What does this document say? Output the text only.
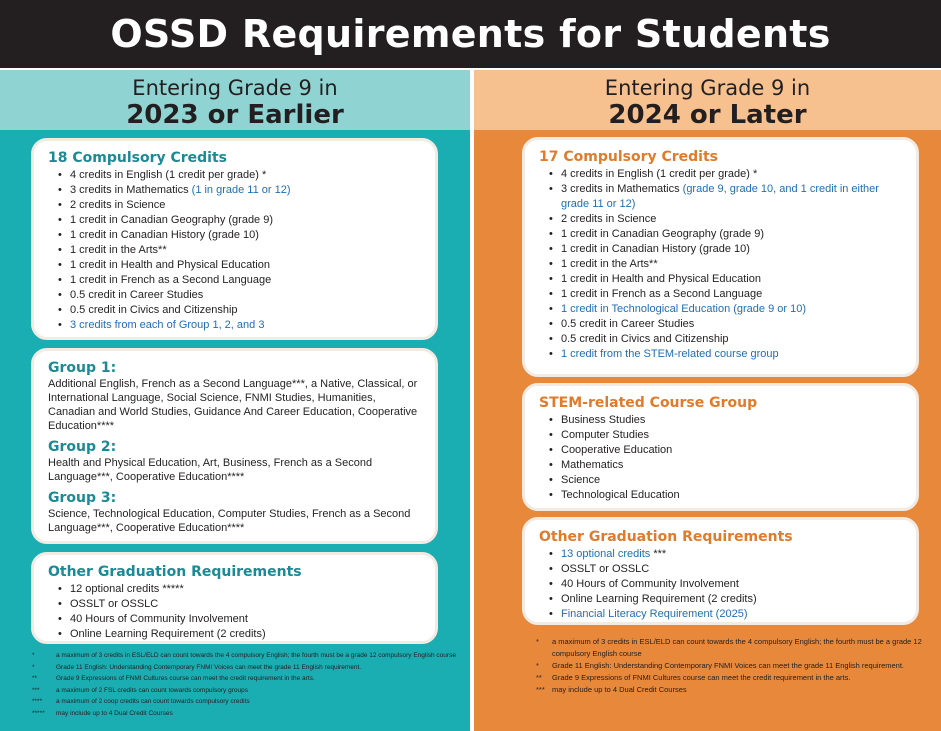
OSSD Requirements for Students
Entering Grade 9 in
2023 or Earlier
18 Compulsory Credits
• 4 credits in English (1 credit per grade) *
• 3 credits in Mathematics (1 in grade 11 or 12)
• 2 credits in Science
• 1 credit in Canadian Geography (grade 9)
• 1 credit in Canadian History (grade 10)
• 1 credit in the Arts**
• 1 credit in Health and Physical Education
• 1 credit in French as a Second Language
• 0.5 credit in Career Studies
• 0.5 credit in Civics and Citizenship
• 3 credits from each of Group 1, 2, and 3
Group 1:
Additional English, French as a Second Language***, a Native, Classical, or International Language, Social Science, FNMI Studies, Humanities, Canadian and World Studies, Guidance And Career Education, Cooperative Education****
Group 2:
Health and Physical Education, Art, Business, French as a Second Language***, Cooperative Education****
Group 3:
Science, Technological Education, Computer Studies, French as a Second Language***, Cooperative Education****
Other Graduation Requirements
• 12 optional credits *****
• OSSLT or OSSLC
• 40 Hours of Community Involvement
• Online Learning Requirement (2 credits)
*	a maximum of 3 credits in ESL/ELD can count towards the 4 compulsory English; the fourth must be a grade 12 compulsory English course
*	Grade 11 English: Understanding Contemporary FNMI Voices can meet the grade 11 English requirement.
**	Grade 9 Expressions of FNMI Cultures course can meet the credit requirement in the arts.
***	a maximum of 2 FSL credits can count towards compulsory groups
****	a maximum of 2 coop credits can count towards compulsory credits
*****	may include up to 4 Dual Credit Courses
Entering Grade 9 in
2024 or Later
17 Compulsory Credits
• 4 credits in English (1 credit per grade) *
• 3 credits in Mathematics (grade 9, grade 10, and 1 credit in either grade 11 or 12)
• 2 credits in Science
• 1 credit in Canadian Geography (grade 9)
• 1 credit in Canadian History (grade 10)
• 1 credit in the Arts**
• 1 credit in Health and Physical Education
• 1 credit in French as a Second Language
• 1 credit in Technological Education (grade 9 or 10)
• 0.5 credit in Career Studies
• 0.5 credit in Civics and Citizenship
• 1 credit from the STEM-related course group
STEM-related Course Group
• Business Studies
• Computer Studies
• Cooperative Education
• Mathematics
• Science
• Technological Education
Other Graduation Requirements
• 13 optional credits ***
• OSSLT or OSSLC
• 40 Hours of Community Involvement
• Online Learning Requirement (2 credits)
• Financial Literacy Requirement (2025)
*	a maximum of 3 credits in ESL/ELD can count towards the 4 compulsory English; the fourth must be a grade 12 compulsory English course
*	Grade 11 English: Understanding Contemporary FNMI Voices can meet the grade 11 English requirement.
**	Grade 9 Expressions of FNMI Cultures course can meet the credit requirement in the arts.
*** may include up to 4 Dual Credit Courses
